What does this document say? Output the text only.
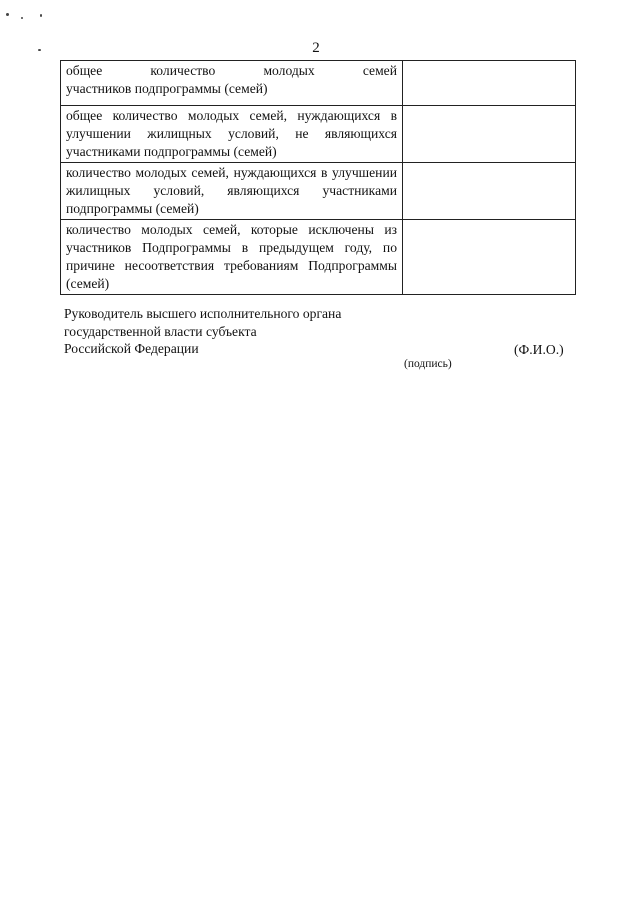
2
общее количество молодых семей
участников подпрограммы (семей)	
общее количество молодых семей, нуждающихся в улучшении жилищных условий, не являющихся участниками подпрограммы (семей)	
количество молодых семей, нуждающихся в улучшении жилищных условий, являющихся участниками подпрограммы (семей)	
количество молодых семей, которые исключены из участников Подпрограммы в предыдущем году, по причине несоответствия требованиям Подпрограммы (семей)	
Руководитель высшего исполнительного органа
государственной власти субъекта
Российской Федерации	(Ф.И.О.)
(подпись)
